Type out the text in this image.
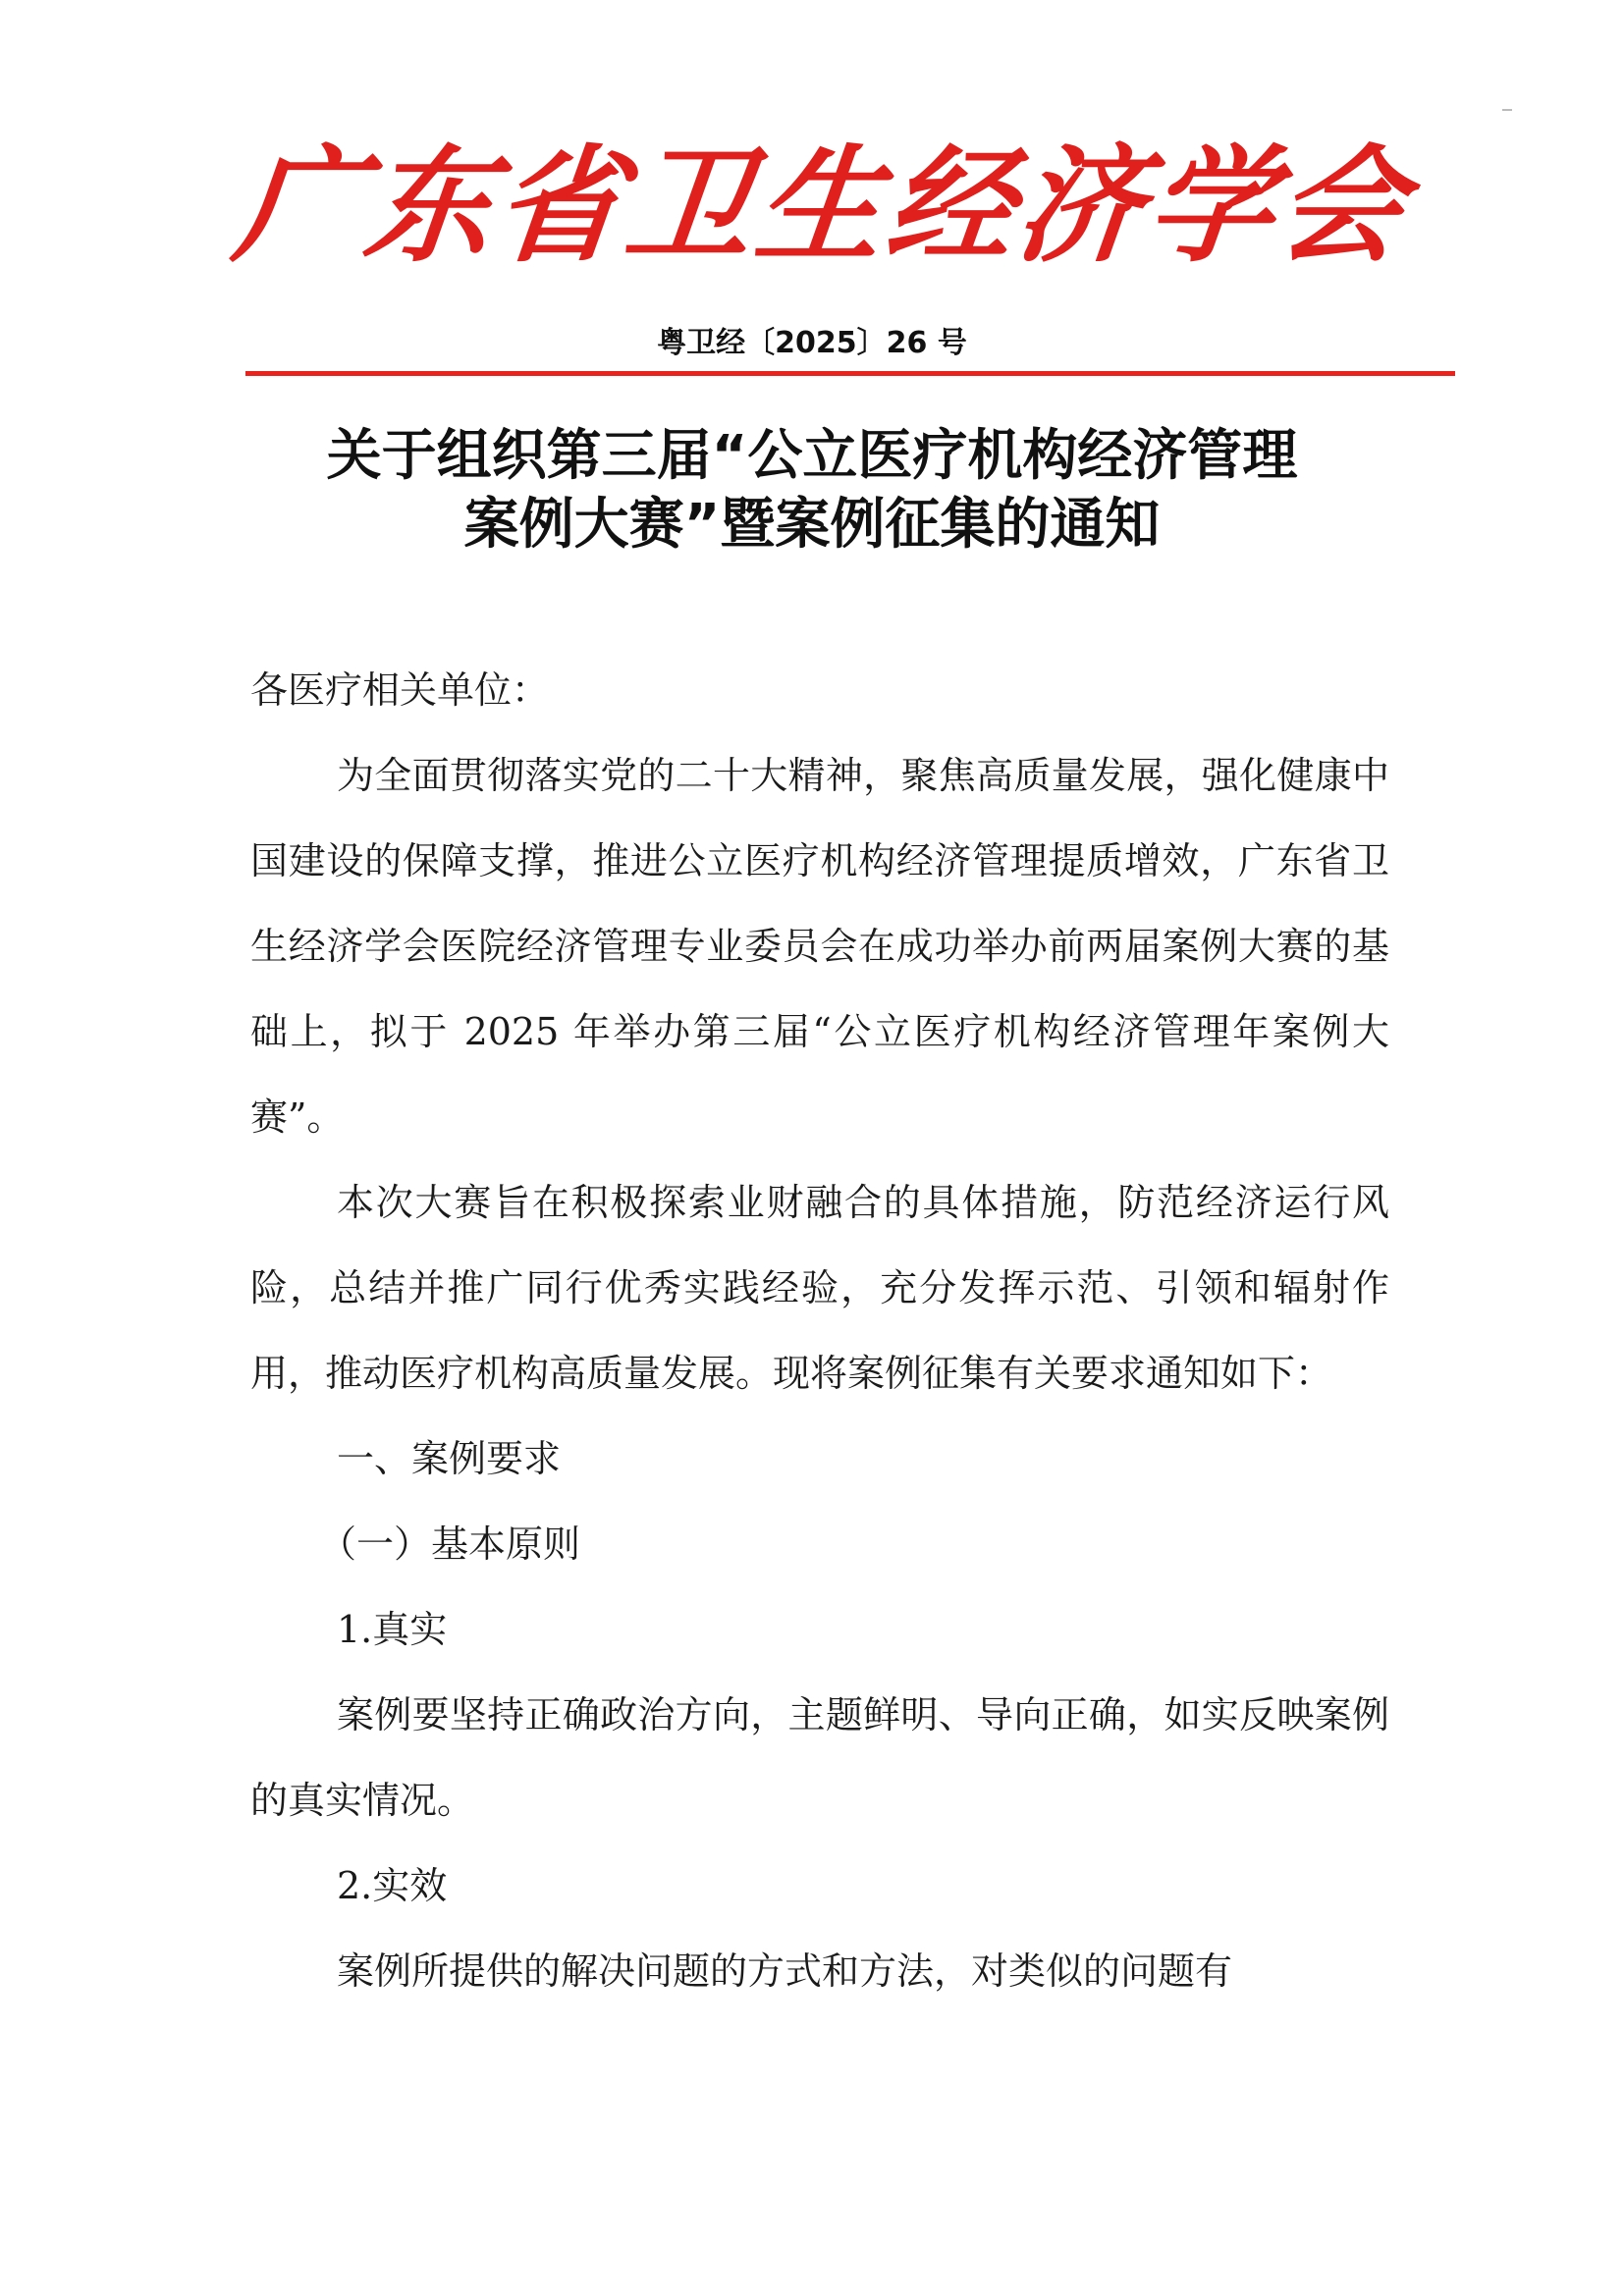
广
东
省
卫
生
经
济
学
会
粤卫经〔2025〕26 号
关于组织第三届“公立医疗机构经济管理
案例大赛”暨案例征集的通知

各医疗相关单位：

为全面贯彻落实党的二十大精神，聚焦高质量发展，强化健康中国建设的保障支撑，推进公立医疗机构经济管理提质增效，广东省卫生经济学会医院经济管理专业委员会在成功举办前两届案例大赛的基础上，拟于 2025 年举办第三届“公立医疗机构经济管理年案例大赛”。

本次大赛旨在积极探索业财融合的具体措施，防范经济运行风险，总结并推广同行优秀实践经验，充分发挥示范、引领和辐射作用，推动医疗机构高质量发展。现将案例征集有关要求通知如下：

一、案例要求

（一）基本原则

1.真实

案例要坚持正确政治方向，主题鲜明、导向正确，如实反映案例的真实情况。

2.实效

案例所提供的解决问题的方式和方法，对类似的问题有
